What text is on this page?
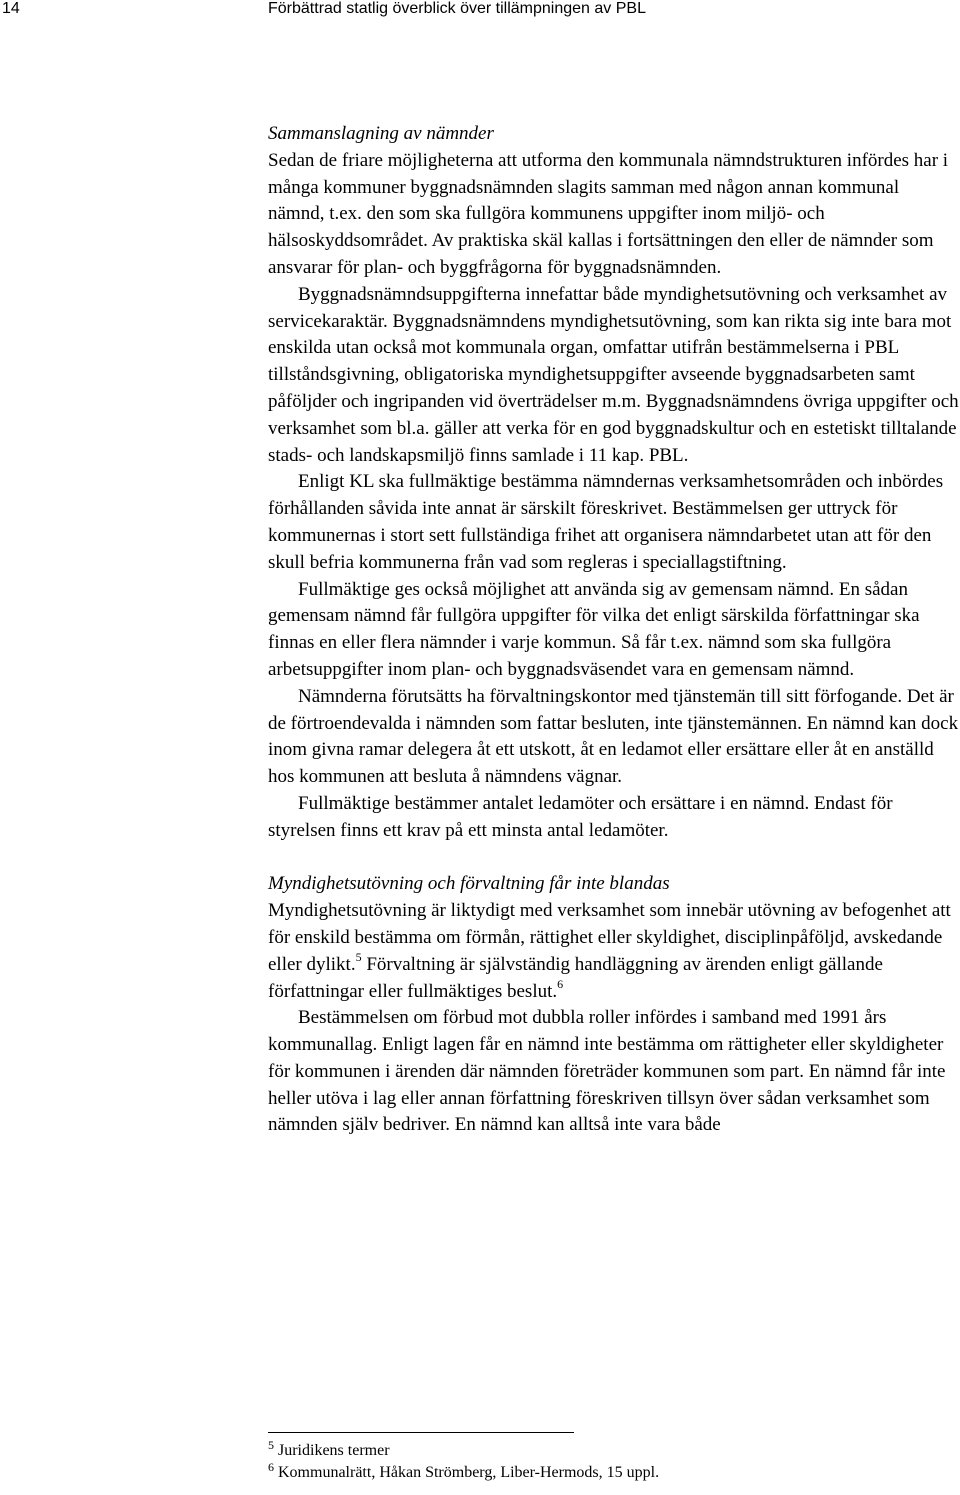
14	Förbättrad statlig överblick över tillämpningen av PBL

Sammanslagning av nämnder

Sedan de friare möjligheterna att utforma den kommunala nämndstrukturen infördes har i många kommuner byggnadsnämnden slagits samman med någon annan kommunal nämnd, t.ex. den som ska fullgöra kommunens uppgifter inom miljö- och hälsoskyddsområdet. Av praktiska skäl kallas i fortsättningen den eller de nämnder som ansvarar för plan- och byggfrågorna för byggnadsnämnden.

Byggnadsnämndsuppgifterna innefattar både myndighetsutövning och verksamhet av servicekaraktär. Byggnadsnämndens myndighetsutövning, som kan rikta sig inte bara mot enskilda utan också mot kommunala organ, omfattar utifrån bestämmelserna i PBL tillståndsgivning, obligatoriska myndighetsuppgifter avseende byggnadsarbeten samt påföljder och ingripanden vid överträdelser m.m. Byggnadsnämndens övriga uppgifter och verksamhet som bl.a. gäller att verka för en god byggnadskultur och en estetiskt tilltalande stads- och landskapsmiljö finns samlade i 11 kap. PBL.

Enligt KL ska fullmäktige bestämma nämndernas verksamhetsområden och inbördes förhållanden såvida inte annat är särskilt föreskrivet. Bestämmelsen ger uttryck för kommunernas i stort sett fullständiga frihet att organisera nämndarbetet utan att för den skull befria kommunerna från vad som regleras i speciallagstiftning.

Fullmäktige ges också möjlighet att använda sig av gemensam nämnd. En sådan gemensam nämnd får fullgöra uppgifter för vilka det enligt särskilda författningar ska finnas en eller flera nämnder i varje kommun. Så får t.ex. nämnd som ska fullgöra arbetsuppgifter inom plan- och byggnadsväsendet vara en gemensam nämnd.

Nämnderna förutsätts ha förvaltningskontor med tjänstemän till sitt förfogande. Det är de förtroendevalda i nämnden som fattar besluten, inte tjänstemännen. En nämnd kan dock inom givna ramar delegera åt ett utskott, åt en ledamot eller ersättare eller åt en anställd hos kommunen att besluta å nämndens vägnar.

Fullmäktige bestämmer antalet ledamöter och ersättare i en nämnd. Endast för styrelsen finns ett krav på ett minsta antal ledamöter.

Myndighetsutövning och förvaltning får inte blandas

Myndighetsutövning är liktydigt med verksamhet som innebär utövning av befogenhet att för enskild bestämma om förmån, rättighet eller skyldighet, disciplinpåföljd, avskedande eller dylikt.$^5$ Förvaltning är självständig handläggning av ärenden enligt gällande författningar eller fullmäktiges beslut.$^6$

Bestämmelsen om förbud mot dubbla roller infördes i samband med 1991 års kommunallag. Enligt lagen får en nämnd inte bestämma om rättigheter eller skyldigheter för kommunen i ärenden där nämnden företräder kommunen som part. En nämnd får inte heller utöva i lag eller annan författning föreskriven tillsyn över sådan verksamhet som nämnden själv bedriver. En nämnd kan alltså inte vara både

$^5$ Juridikens termer
$^6$ Kommunalrätt, Håkan Strömberg, Liber-Hermods, 15 uppl.
